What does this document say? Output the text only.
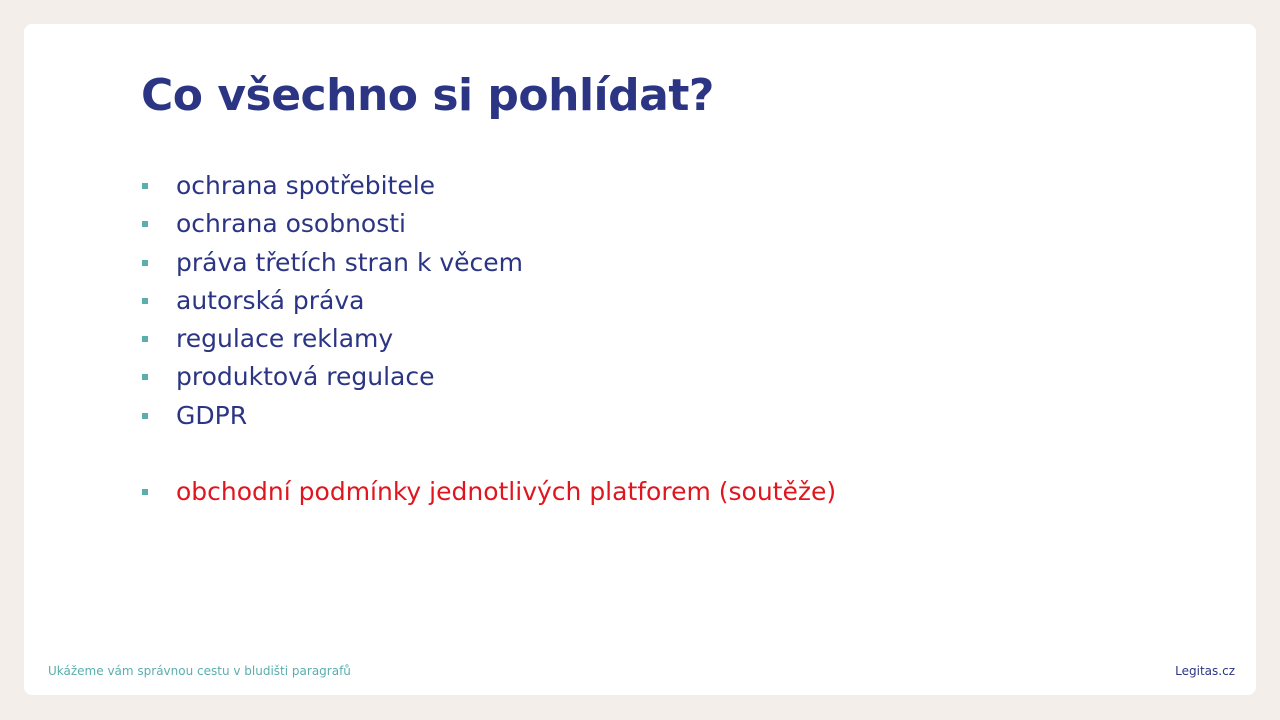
Co všechno si pohlídat?
ochrana spotřebitele
ochrana osobnosti
práva třetích stran k věcem
autorská práva
regulace reklamy
produktová regulace
GDPR
obchodní podmínky jednotlivých platforem (soutěže)
Ukážeme vám správnou cestu v bludišti paragrafů	Legitas.cz
